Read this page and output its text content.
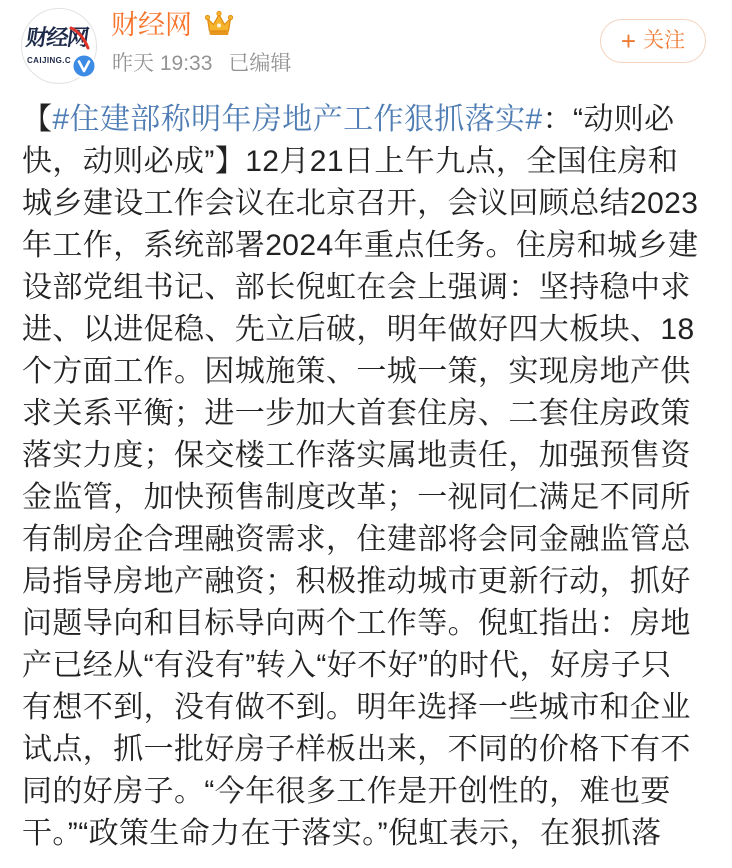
财经网
CAIJING.C
财经网
昨天 19:33 已编辑
+ 关注
【#住建部称明年房地产工作狠抓落实#：“动则必
快，动则必成”】12月21日上午九点，全国住房和
城乡建设工作会议在北京召开，会议回顾总结2023
年工作，系统部署2024年重点任务。住房和城乡建
设部党组书记、部长倪虹在会上强调：坚持稳中求
进、以进促稳、先立后破，明年做好四大板块、18
个方面工作。因城施策、一城一策，实现房地产供
求关系平衡；进一步加大首套住房、二套住房政策
落实力度；保交楼工作落实属地责任，加强预售资
金监管，加快预售制度改革；一视同仁满足不同所
有制房企合理融资需求，住建部将会同金融监管总
局指导房地产融资；积极推动城市更新行动，抓好
问题导向和目标导向两个工作等。倪虹指出：房地
产已经从“有没有”转入“好不好”的时代，好房子只
有想不到，没有做不到。明年选择一些城市和企业
试点，抓一批好房子样板出来，不同的价格下有不
同的好房子。“今年很多工作是开创性的，难也要
干。”“政策生命力在于落实。”倪虹表示，在狠抓落
